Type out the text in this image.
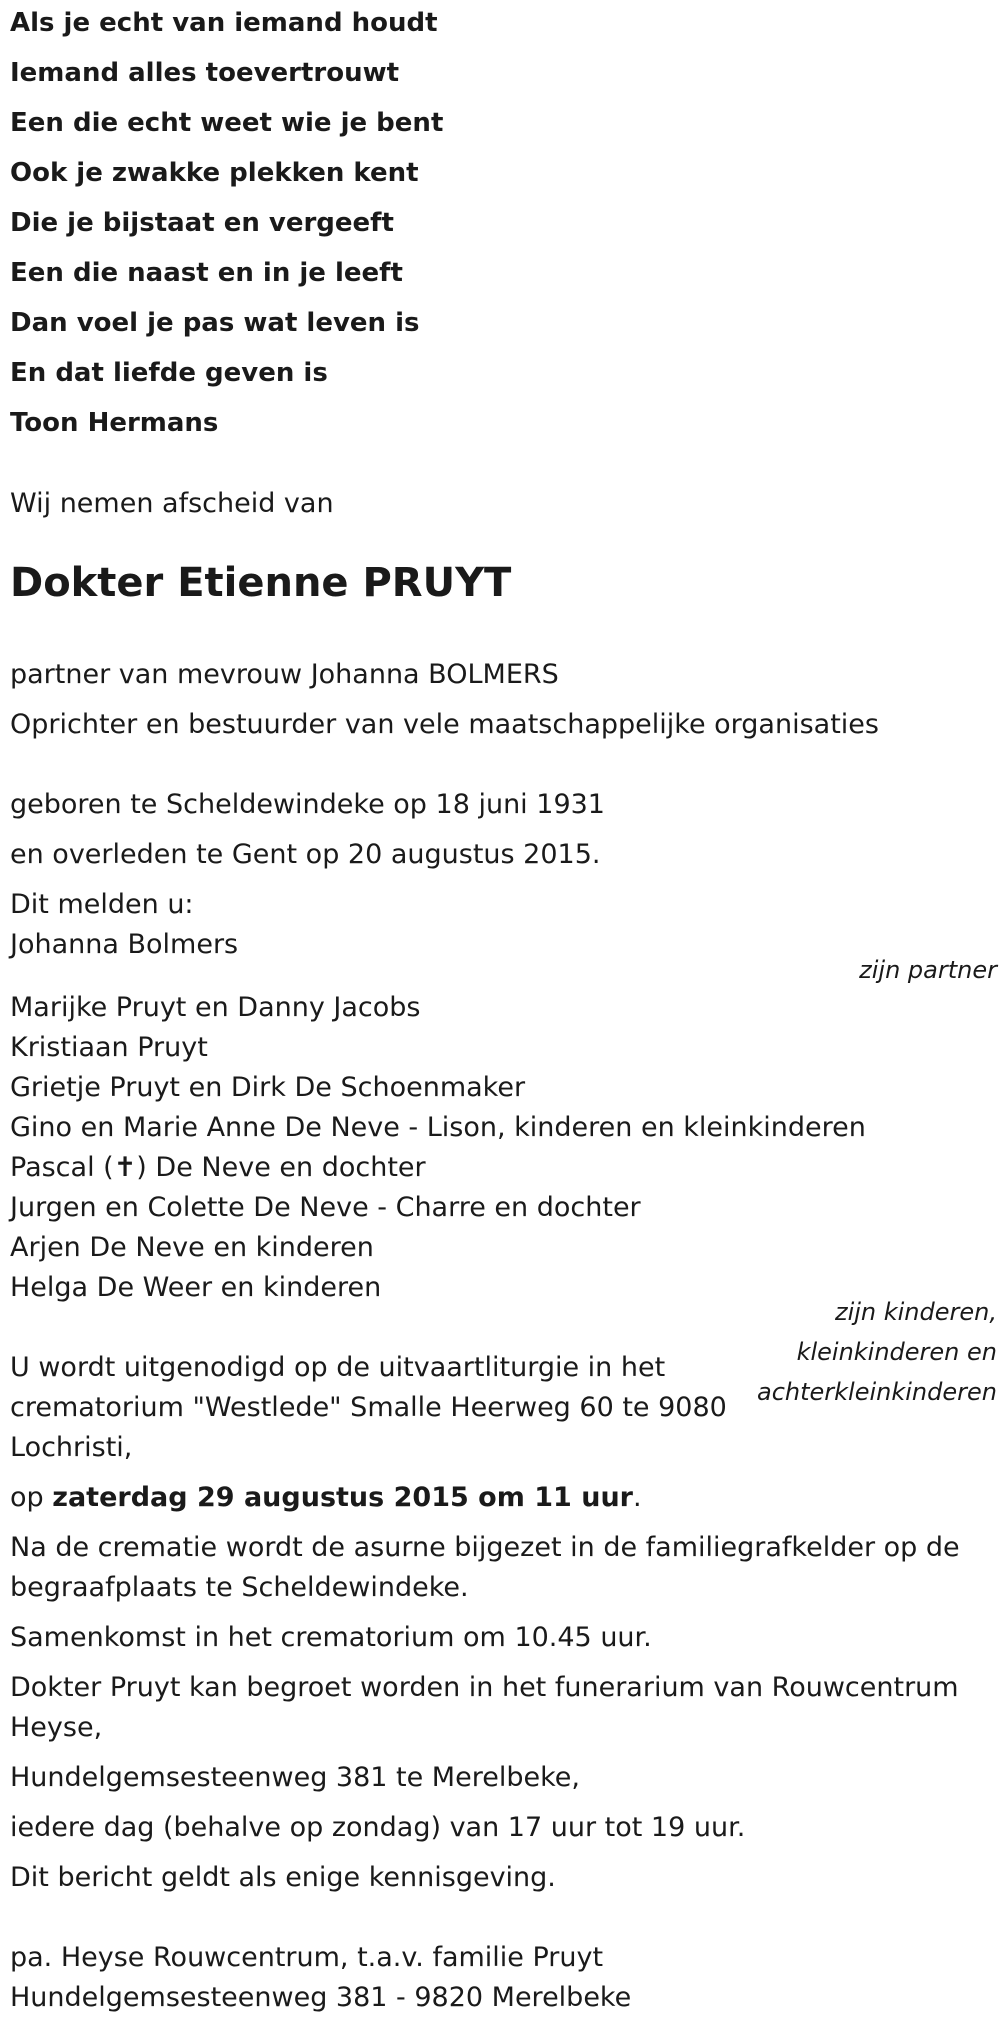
Als je echt van iemand houdt
Iemand alles toevertrouwt
Een die echt weet wie je bent
Ook je zwakke plekken kent
Die je bijstaat en vergeeft
Een die naast en in je leeft
Dan voel je pas wat leven is
En dat liefde geven is
Toon Hermans
Wij nemen afscheid van
Dokter Etienne PRUYT
partner van mevrouw Johanna BOLMERS
Oprichter en bestuurder van vele maatschappelijke organisaties
geboren te Scheldewindeke op 18 juni 1931
en overleden te Gent op 20 augustus 2015.
Dit melden u:
Johanna Bolmers
zijn partner
Marijke Pruyt en Danny Jacobs
Kristiaan Pruyt
Grietje Pruyt en Dirk De Schoenmaker
Gino en Marie Anne De Neve - Lison, kinderen en kleinkinderen
Pascal (✝) De Neve en dochter
Jurgen en Colette De Neve - Charre en dochter
Arjen De Neve en kinderen
Helga De Weer en kinderen
zijn kinderen,
kleinkinderen en
achterkleinkinderen
U wordt uitgenodigd op de uitvaartliturgie in het crematorium "Westlede" Smalle Heerweg 60 te 9080 Lochristi,
op zaterdag 29 augustus 2015 om 11 uur.
Na de crematie wordt de asurne bijgezet in de familiegrafkelder op de begraafplaats te Scheldewindeke.
Samenkomst in het crematorium om 10.45 uur.
Dokter Pruyt kan begroet worden in het funerarium van Rouwcentrum Heyse,
Hundelgemsesteenweg 381 te Merelbeke,
iedere dag (behalve op zondag) van 17 uur tot 19 uur.
Dit bericht geldt als enige kennisgeving.
pa. Heyse Rouwcentrum, t.a.v. familie Pruyt
Hundelgemsesteenweg 381 - 9820 Merelbeke
